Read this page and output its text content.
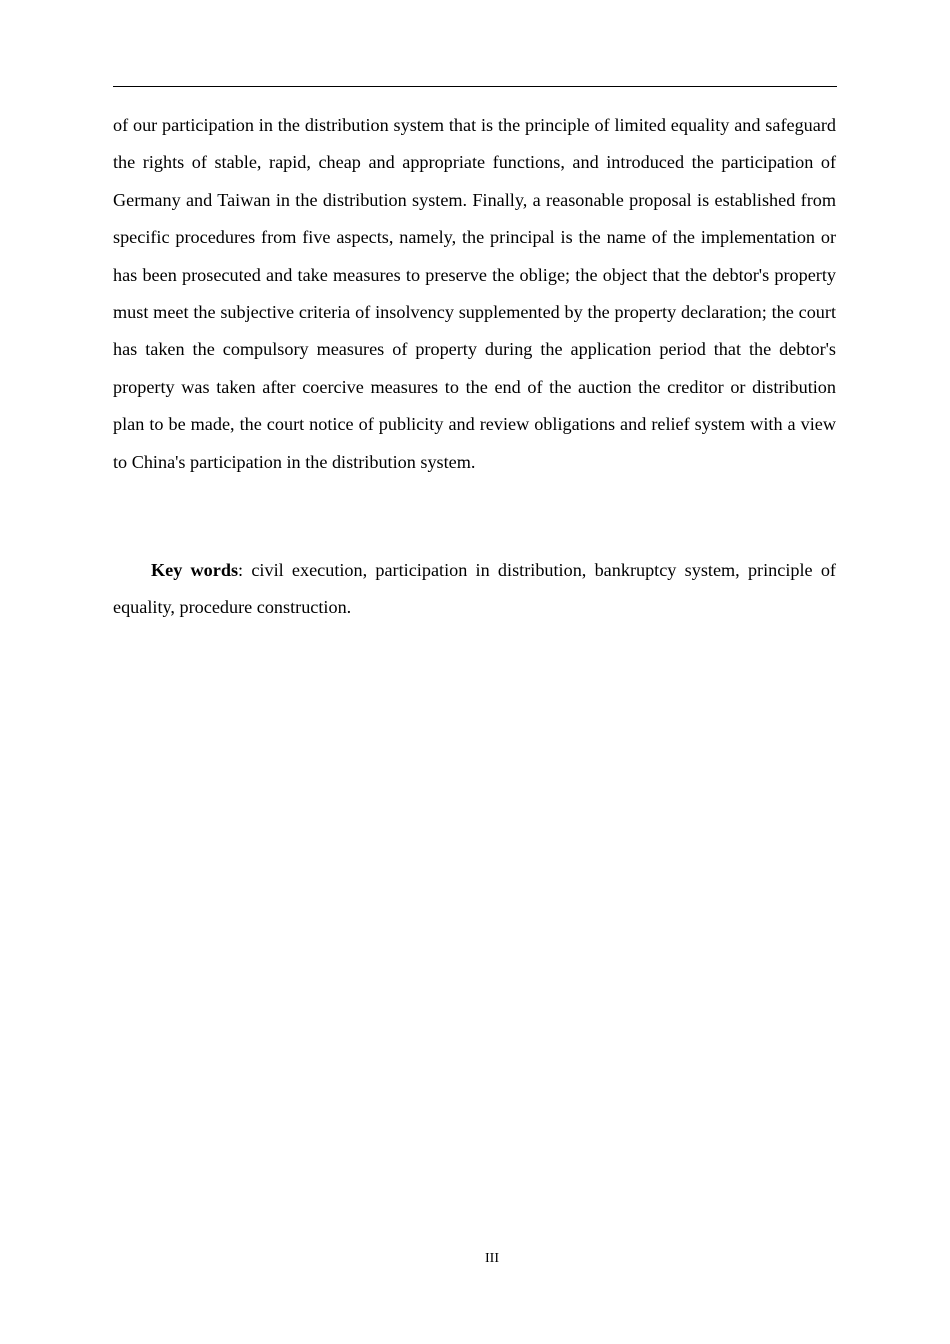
of our participation in the distribution system that is the principle of limited equality and safeguard the rights of stable, rapid, cheap and appropriate functions, and introduced the participation of Germany and Taiwan in the distribution system. Finally, a reasonable proposal is established from specific procedures from five aspects, namely, the principal is the name of the implementation or has been prosecuted and take measures to preserve the oblige; the object that the debtor's property must meet the subjective criteria of insolvency supplemented by the property declaration; the court has taken the compulsory measures of property during the application period that the debtor's property was taken after coercive measures to the end of the auction the creditor or distribution plan to be made, the court notice of publicity and review obligations and relief system with a view to China's participation in the distribution system.

Key words: civil execution, participation in distribution, bankruptcy system, principle of equality, procedure construction.

III
